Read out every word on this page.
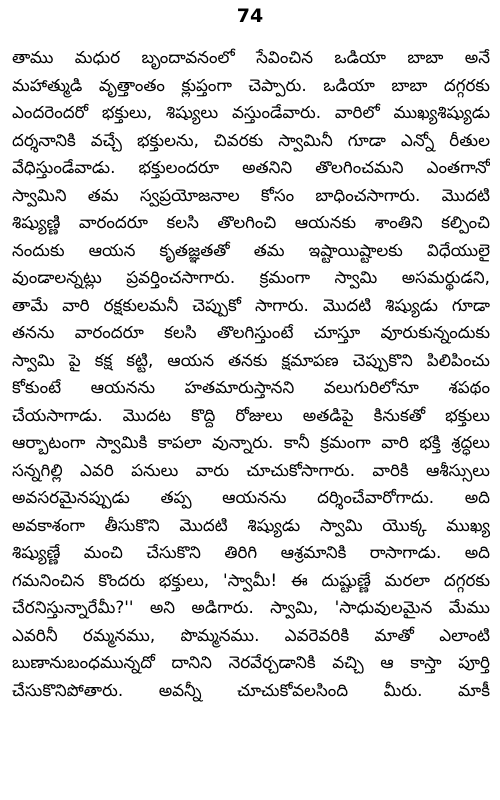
74
తాము మధుర బృందావనంలో సేవించిన ఒడియా బాబా అనే
మహాత్ముడి వృత్తాంతం క్లుప్తంగా చెప్పారు. ఒడియా బాబా దగ్గరకు
ఎందరెందరో భక్తులు, శిష్యులు వస్తుండేవారు. వారిలో ముఖ్యశిష్యుడు
దర్శనానికి వచ్చే భక్తులను, చివరకు స్వామినీ గూడా ఎన్నో రీతుల
వేధిస్తుండేవాడు. భక్తులందరూ అతనిని తొలగించమని ఎంతగానో
స్వామిని తమ స్వప్రయోజనాల కోసం బాధించసాగారు. మొదటి
శిష్యుణ్ణి వారందరూ కలసి తొలగించి ఆయనకు శాంతిని కల్పించి
నందుకు ఆయన కృతజ్ఞతతో తమ ఇష్టాయిష్టాలకు విధేయులై
వుండాలన్నట్లు ప్రవర్తించసాగారు. క్రమంగా స్వామి అసమర్థుడని,
తామే వారి రక్షకులమనీ చెప్పుకో సాగారు. మొదటి శిష్యుడు గూడా
తనను వారందరూ కలసి తొలగిస్తుంటే చూస్తూ వూరుకున్నందుకు
స్వామి పై కక్ష కట్టి, ఆయన తనకు క్షమాపణ చెప్పుకొని పిలిపించు
కోకుంటే ఆయనను హతమారుస్తానని వలుగురిలోనూ శపథం
చేయసాగాడు. మొదట కొద్ది రోజులు అతడిపై కినుకతో భక్తులు
ఆర్బాటంగా స్వామికి కాపలా వున్నారు. కానీ క్రమంగా వారి భక్తి శ్రద్ధలు
సన్నగిల్లి ఎవరి పనులు వారు చూచుకోసాగారు. వారికి ఆశీస్సులు
అవసరమైనప్పుడు తప్ప ఆయనను దర్శించేవారోగాదు. అది
అవకాశంగా తీసుకొని మొదటి శిష్యుడు స్వామి యొక్క ముఖ్య
శిష్యుణ్ణే మంచి చేసుకొని తిరిగి ఆశ్రమానికి రాసాగాడు. అది
గమనించిన కొందరు భక్తులు, 'స్వామీ! ఈ దుష్టుణ్ణే మరలా దగ్గరకు
చేరనిస్తున్నారేమీ?'' అని అడిగారు. స్వామి, 'సాధువులమైన మేము
ఎవరినీ రమ్మనము, పొమ్మనము. ఎవరెవరికి మాతో ఎలాంటి
బుణానుబంధమున్నదో దానిని నెరవేర్చడానికి వచ్చి ఆ కాస్తా పూర్తి
చేసుకొనిపోతారు. అవన్నీ చూచుకోవలసింది మీరు. మాకీ
